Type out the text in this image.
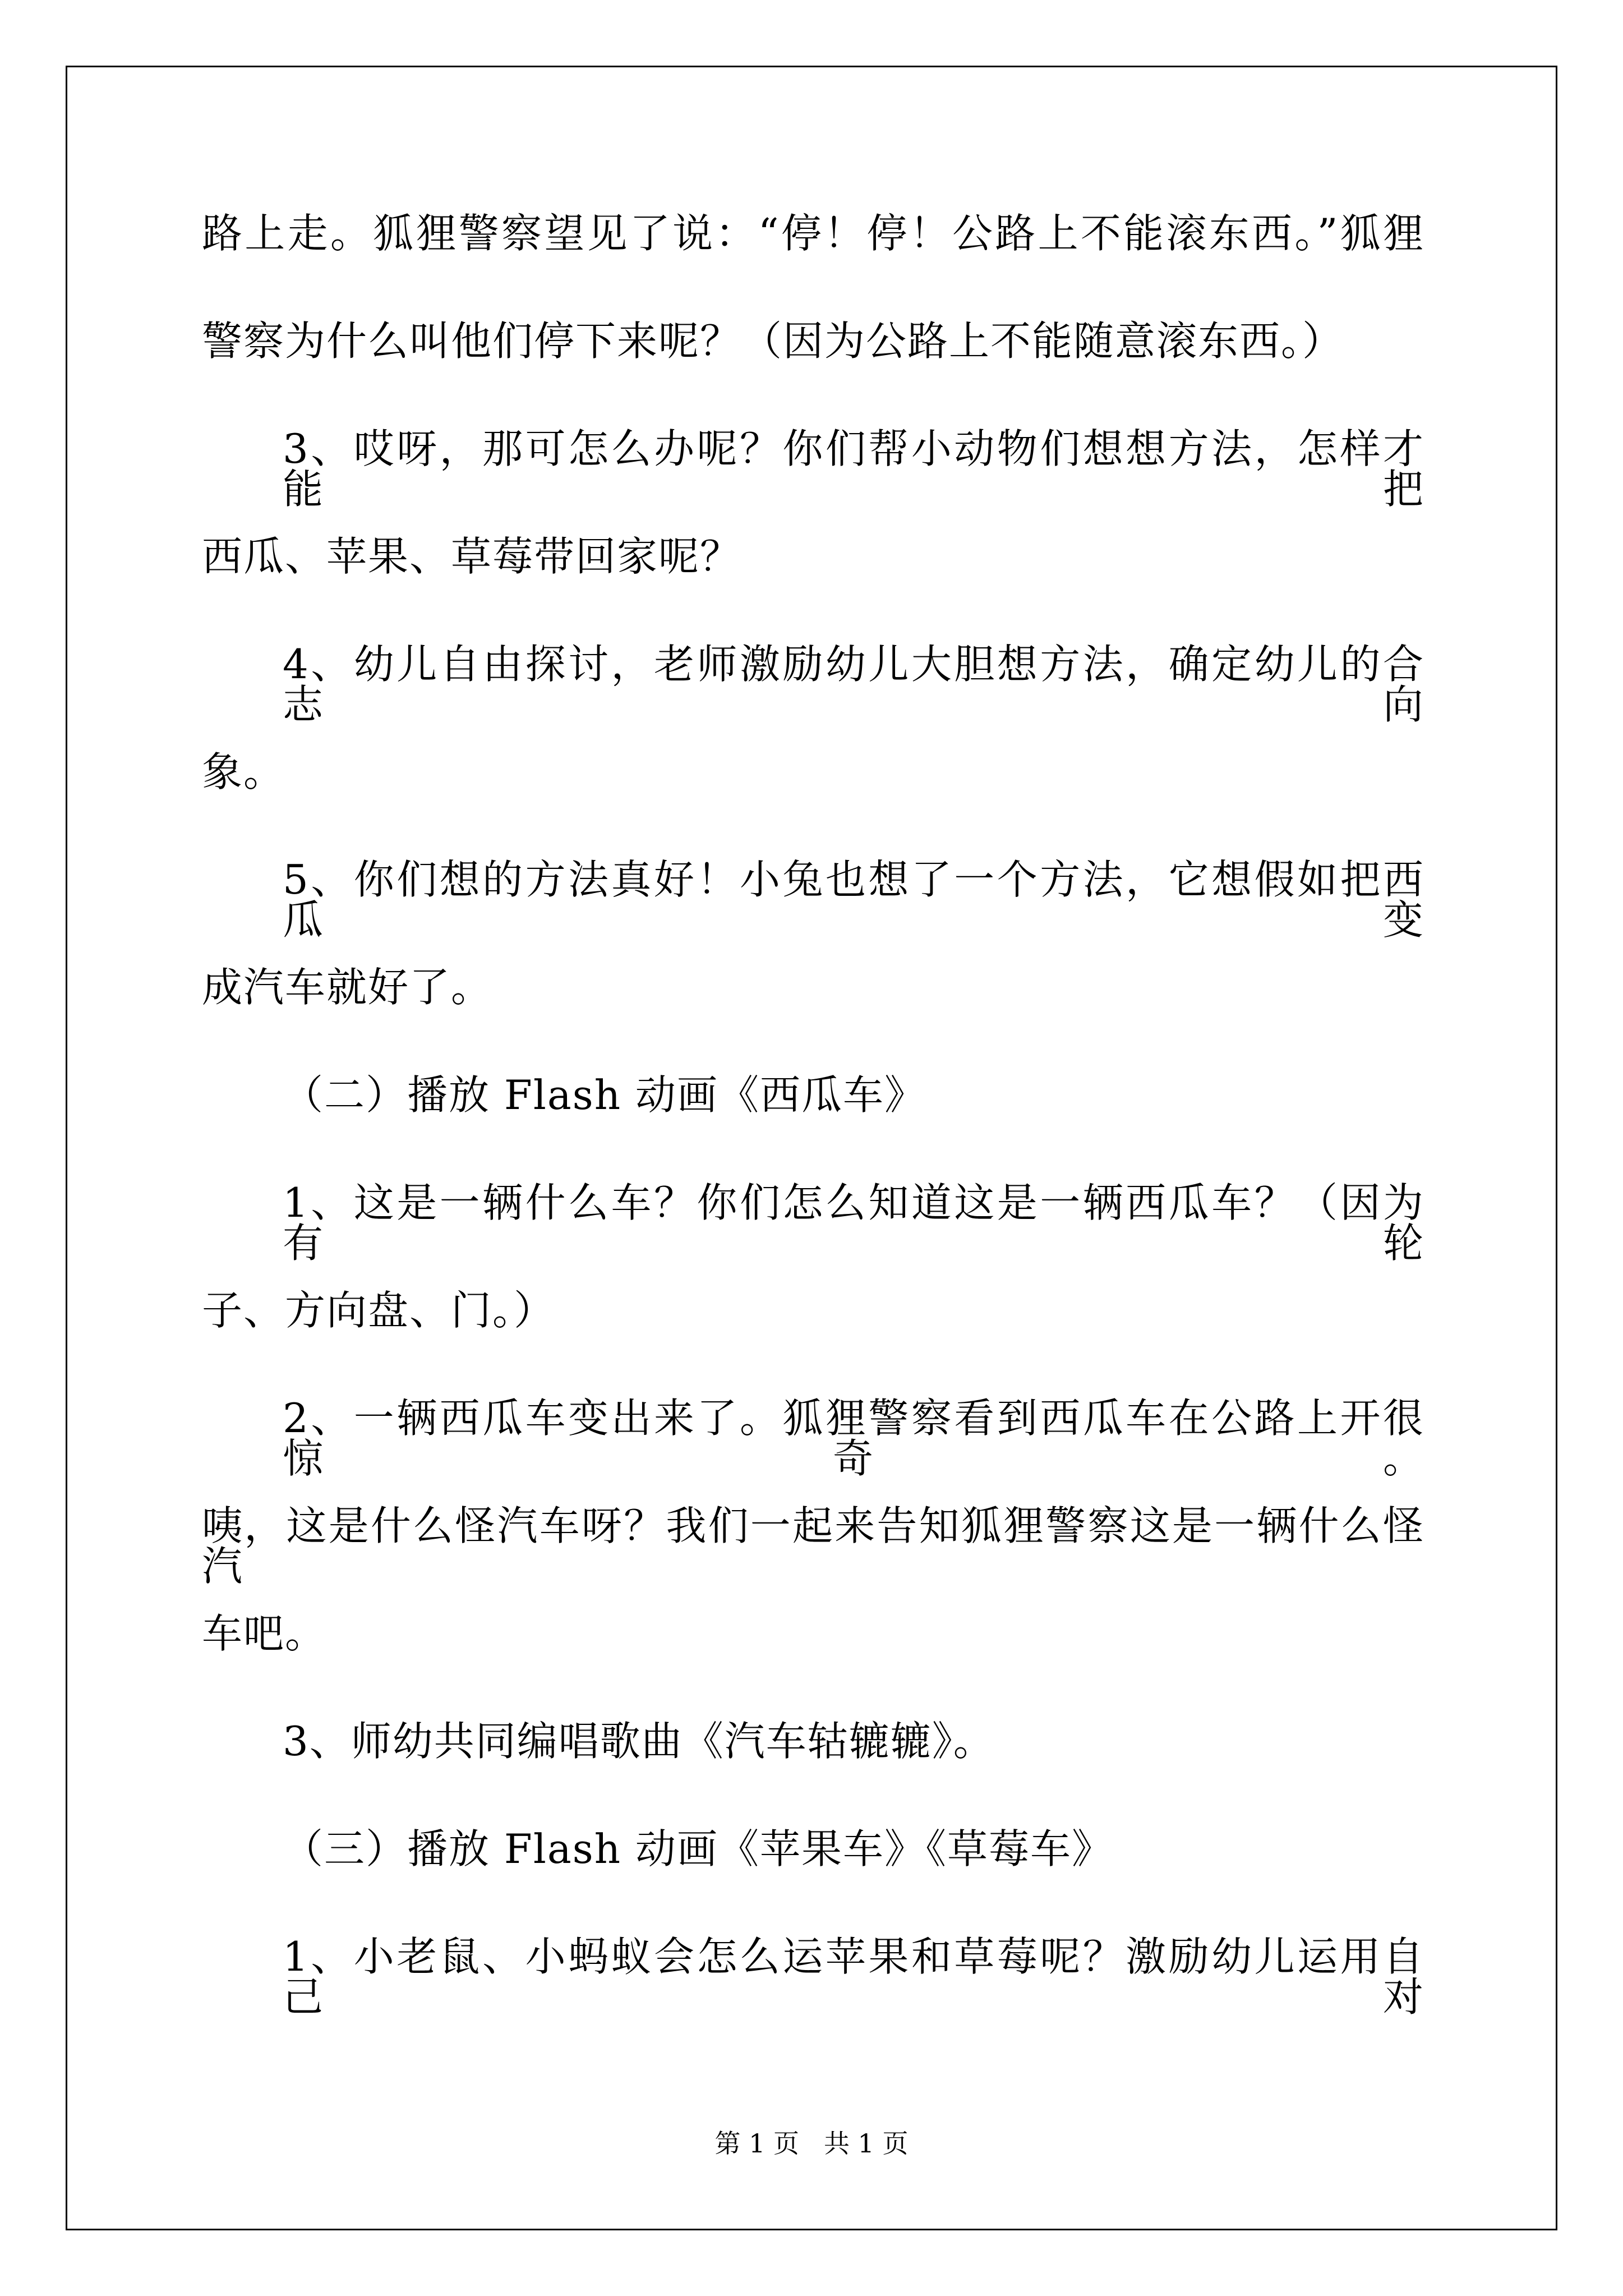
路上走。狐狸警察望见了说：“停！停！公路上不能滚东西。”狐狸
警察为什么叫他们停下来呢？（因为公路上不能随意滚东西。）
3、哎呀，那可怎么办呢？你们帮小动物们想想方法，怎样才能把
西瓜、苹果、草莓带回家呢？
4、幼儿自由探讨，老师激励幼儿大胆想方法，确定幼儿的合志向
象。
5、你们想的方法真好！小兔也想了一个方法，它想假如把西瓜变
成汽车就好了。
（二）播放 Flash 动画《西瓜车》
1、这是一辆什么车？你们怎么知道这是一辆西瓜车？（因为有轮
子、方向盘、门。）
2、一辆西瓜车变出来了。狐狸警察看到西瓜车在公路上开很惊奇。
咦，这是什么怪汽车呀？我们一起来告知狐狸警察这是一辆什么怪汽
车吧。
3、师幼共同编唱歌曲《汽车轱辘辘》。
（三）播放 Flash 动画《苹果车》《草莓车》
1、小老鼠、小蚂蚁会怎么运苹果和草莓呢？激励幼儿运用自己对
第 1 页 共 1 页
